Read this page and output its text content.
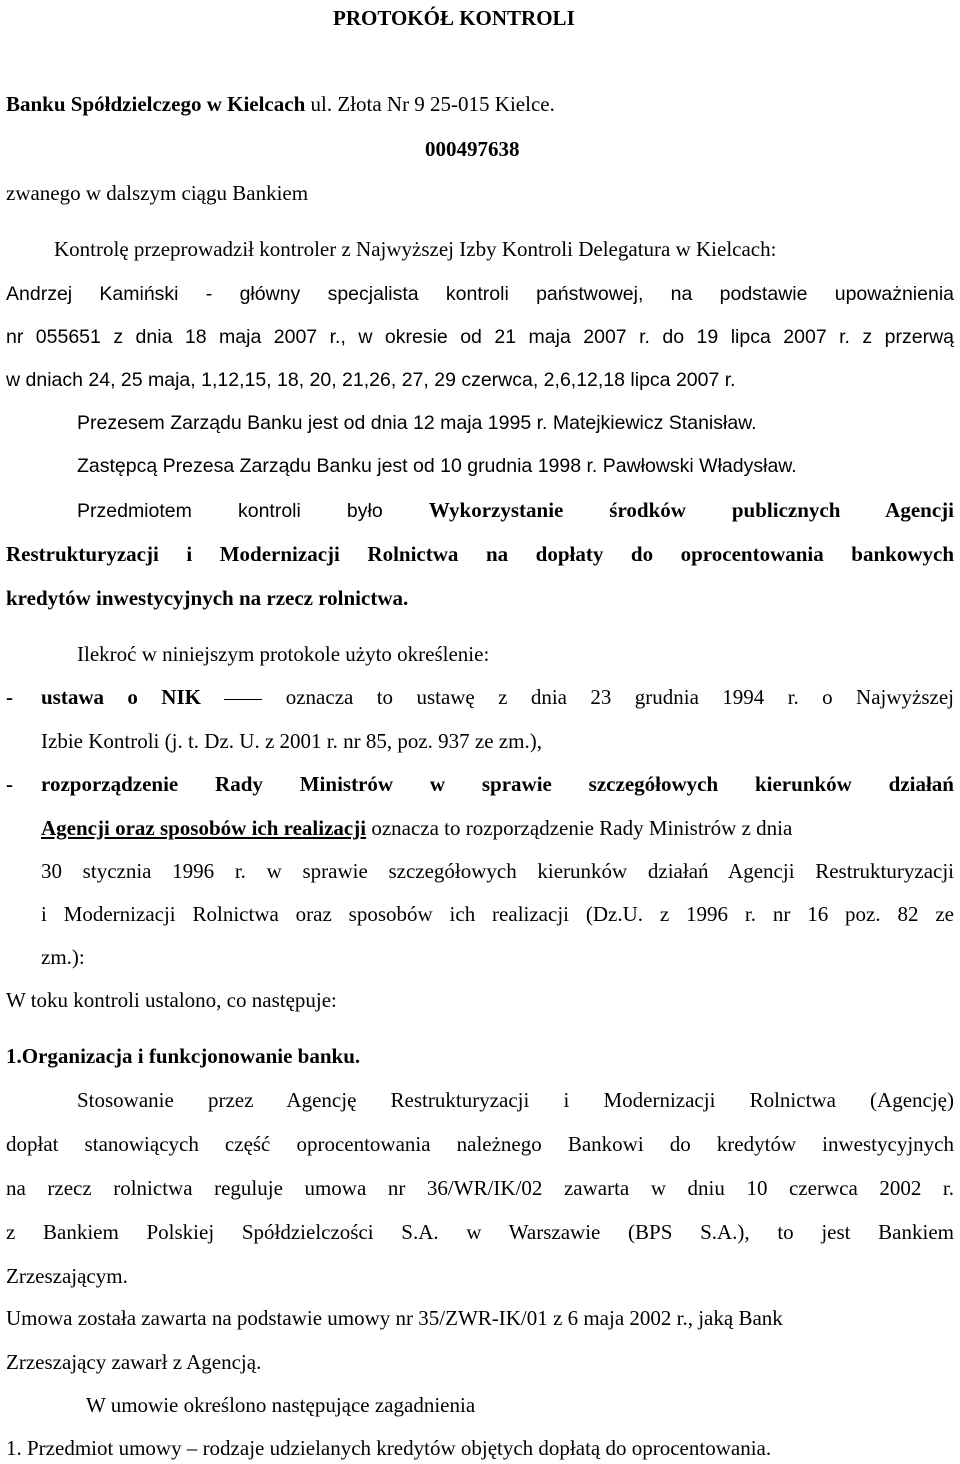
PROTOKÓŁ KONTROLI

Banku Spółdzielczego w Kielcach ul. Złota Nr 9 25-015 Kielce.

000497638

zwanego w dalszym ciągu Bankiem

Kontrolę przeprowadził kontroler z Najwyższej Izby Kontroli Delegatura w Kielcach:

Andrzej Kamiński - główny specjalista kontroli państwowej, na podstawie upoważnienia

nr 055651 z dnia 18 maja 2007 r., w okresie od 21 maja 2007 r. do 19 lipca 2007 r. z przerwą

w dniach 24, 25 maja, 1,12,15, 18, 20, 21,26, 27, 29 czerwca, 2,6,12,18 lipca 2007 r.

Prezesem Zarządu Banku jest od dnia 12 maja 1995 r. Matejkiewicz Stanisław.

Zastępcą Prezesa Zarządu Banku jest od 10 grudnia 1998 r. Pawłowski Władysław.

Przedmiotem kontroli było Wykorzystanie środków publicznych Agencji

Restrukturyzacji i Modernizacji Rolnictwa na dopłaty do oprocentowania bankowych

kredytów inwestycyjnych na rzecz rolnictwa.

Ilekroć w niniejszym protokole użyto określenie:

- ustawa o NIK	oznacza to ustawę z dnia 23 grudnia 1994 r. o Najwyższej

Izbie Kontroli (j. t. Dz. U. z 2001 r. nr 85, poz. 937 ze zm.),

- rozporządzenie Rady Ministrów w sprawie szczegółowych kierunków działań

Agencji oraz sposobów ich realizacji oznacza to rozporządzenie Rady Ministrów z dnia

30 stycznia 1996 r. w sprawie szczegółowych kierunków działań Agencji Restrukturyzacji

i Modernizacji Rolnictwa oraz sposobów ich realizacji (Dz.U. z 1996 r. nr 16 poz. 82 ze

zm.):

W toku kontroli ustalono, co następuje:

1.Organizacja i funkcjonowanie banku.

Stosowanie przez Agencję Restrukturyzacji i Modernizacji Rolnictwa (Agencję)

dopłat stanowiących część oprocentowania należnego Bankowi do kredytów inwestycyjnych

na rzecz rolnictwa reguluje umowa nr 36/WR/IK/02 zawarta w dniu 10 czerwca 2002 r.

z Bankiem Polskiej Spółdzielczości S.A. w Warszawie (BPS S.A.), to jest Bankiem

Zrzeszającym.

Umowa została zawarta na podstawie umowy nr 35/ZWR-IK/01 z 6 maja 2002 r., jaką Bank

Zrzeszający zawarł z Agencją.

W umowie określono następujące zagadnienia

1. Przedmiot umowy – rodzaje udzielanych kredytów objętych dopłatą do oprocentowania.
